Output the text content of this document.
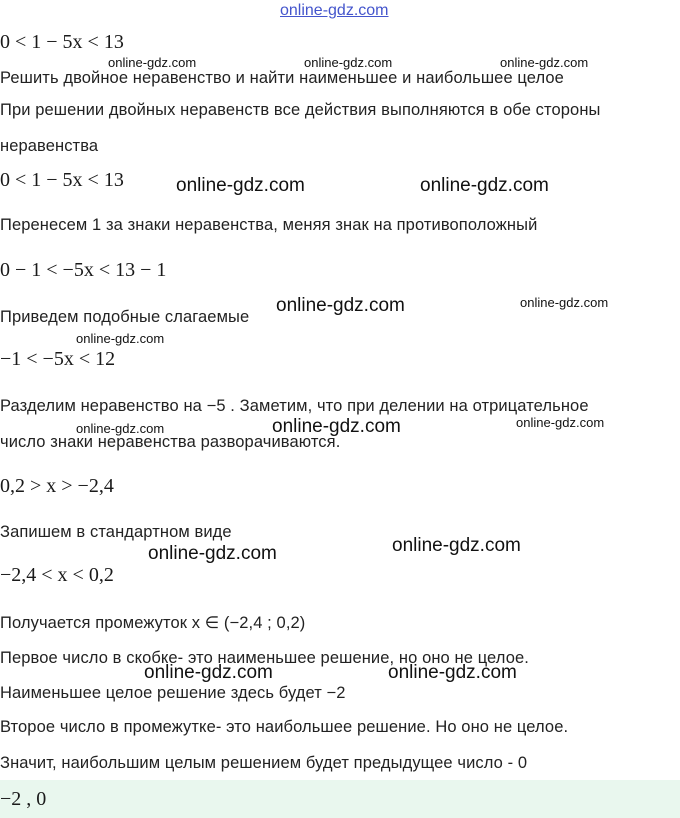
online-gdz.com
0 < 1 − 5x < 13
online-gdz.com	online-gdz.com	online-gdz.com
Решить двойное неравенство и найти наименьшее и наибольшее целое
При решении двойных неравенств все действия выполняются в обе стороны
неравенства
0 < 1 − 5x < 13	online-gdz.com	online-gdz.com
Перенесем 1 за знаки неравенства, меняя знак на противоположный
0 − 1 < −5x < 13 − 1
Приведем подобные слагаемые
online-gdz.com	online-gdz.com
online-gdz.com
−1 < −5x < 12
Разделим неравенство на −5 . Заметим, что при делении на отрицательное
online-gdz.com	online-gdz.com	online-gdz.com
число знаки неравенства разворачиваются.
0,2 > x > −2,4
Запишем в стандартном виде
online-gdz.com	online-gdz.com
−2,4 < x < 0,2
Получается промежуток x ∈ (−2,4 ; 0,2)
Первое число в скобке- это наименьшее решение, но оно не целое.
online-gdz.com	online-gdz.com
Наименьшее целое решение здесь будет −2
Второе число в промежутке- это наибольшее решение. Но оно не целое.
Значит, наибольшим целым решением будет предыдущее число - 0
−2 , 0
